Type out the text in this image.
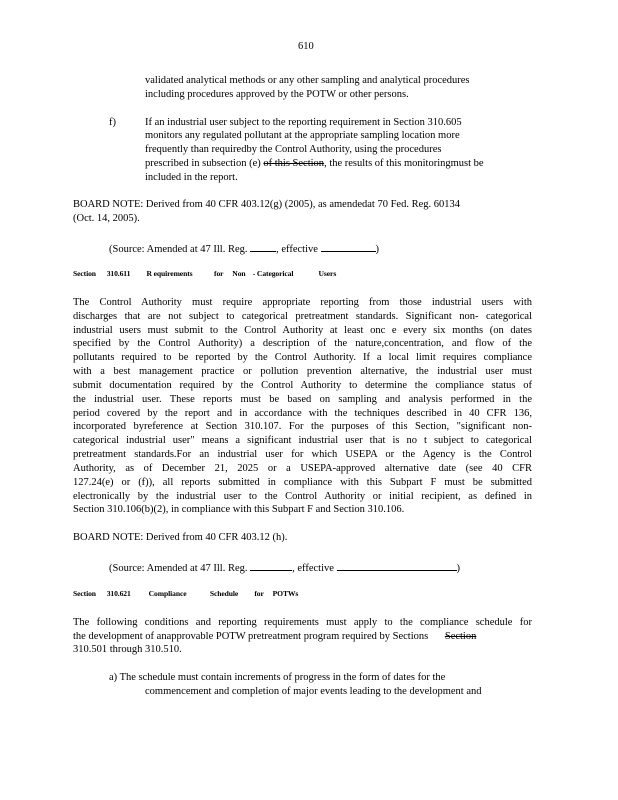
610
validated analytical methods or any other sampling and analytical procedures
including procedures approved by the POTW or other persons.
f)	If an industrial user subject to the reporting requirement in Section 310.605
monitors any regulated pollutant at the appropriate sampling location more
frequently than requiredby the Control Authority, using the procedures
prescribed in subsection (e) of this Section, the results of this monitoringmust be
included in the report.
BOARD NOTE: Derived from 40 CFR 403.12(g) (2005), as amendedat 70 Fed. Reg. 60134
(Oct. 14, 2005).
(Source: Amended at 47 Ill. Reg.	, effective	)
Section      310.611         R equirements            for     Non    - Categorical              Users
The Control Authority must require appropriate reporting from those industrial users with
discharges that are not subject to categorical pretreatment standards. Significant non- categorical
industrial users must submit to the Control Authority at least onc e every six months (on dates
specified by the Control Authority) a description of the nature,concentration, and flow of the
pollutants required to be reported by the Control Authority. If a local limit requires compliance
with a best management practice or pollution prevention alternative, the industrial user must
submit documentation required by the Control Authority to determine the compliance status of
the industrial user. These reports must be based on sampling and analysis performed in the
period covered by the report and in accordance with the techniques described in 40 CFR 136,
incorporated byreference at Section 310.107. For the purposes of this Section, "significant non-
categorical industrial user" means a significant industrial user that is no t subject to categorical
pretreatment standards.For an industrial user for which USEPA or the Agency is the Control
Authority, as of December 21, 2025 or a USEPA-approved alternative date (see 40 CFR
127.24(e) or (f)), all reports submitted in compliance with this Subpart F must be submitted
electronically by the industrial user to the Control Authority or initial recipient, as defined in
Section 310.106(b)(2), in compliance with this Subpart F and Section 310.106.
BOARD NOTE: Derived from 40 CFR 403.12 (h).
(Source: Amended at 47 Ill. Reg.	, effective	)
Section      310.621          Compliance             Schedule         for     POTWs
The following conditions and reporting requirements must apply to the compliance schedule for
the development of anapprovable POTW pretreatment program required by Sections Section
310.501 through 310.510.
a) The schedule must contain increments of progress in the form of dates for the
commencement and completion of major events leading to the development and
